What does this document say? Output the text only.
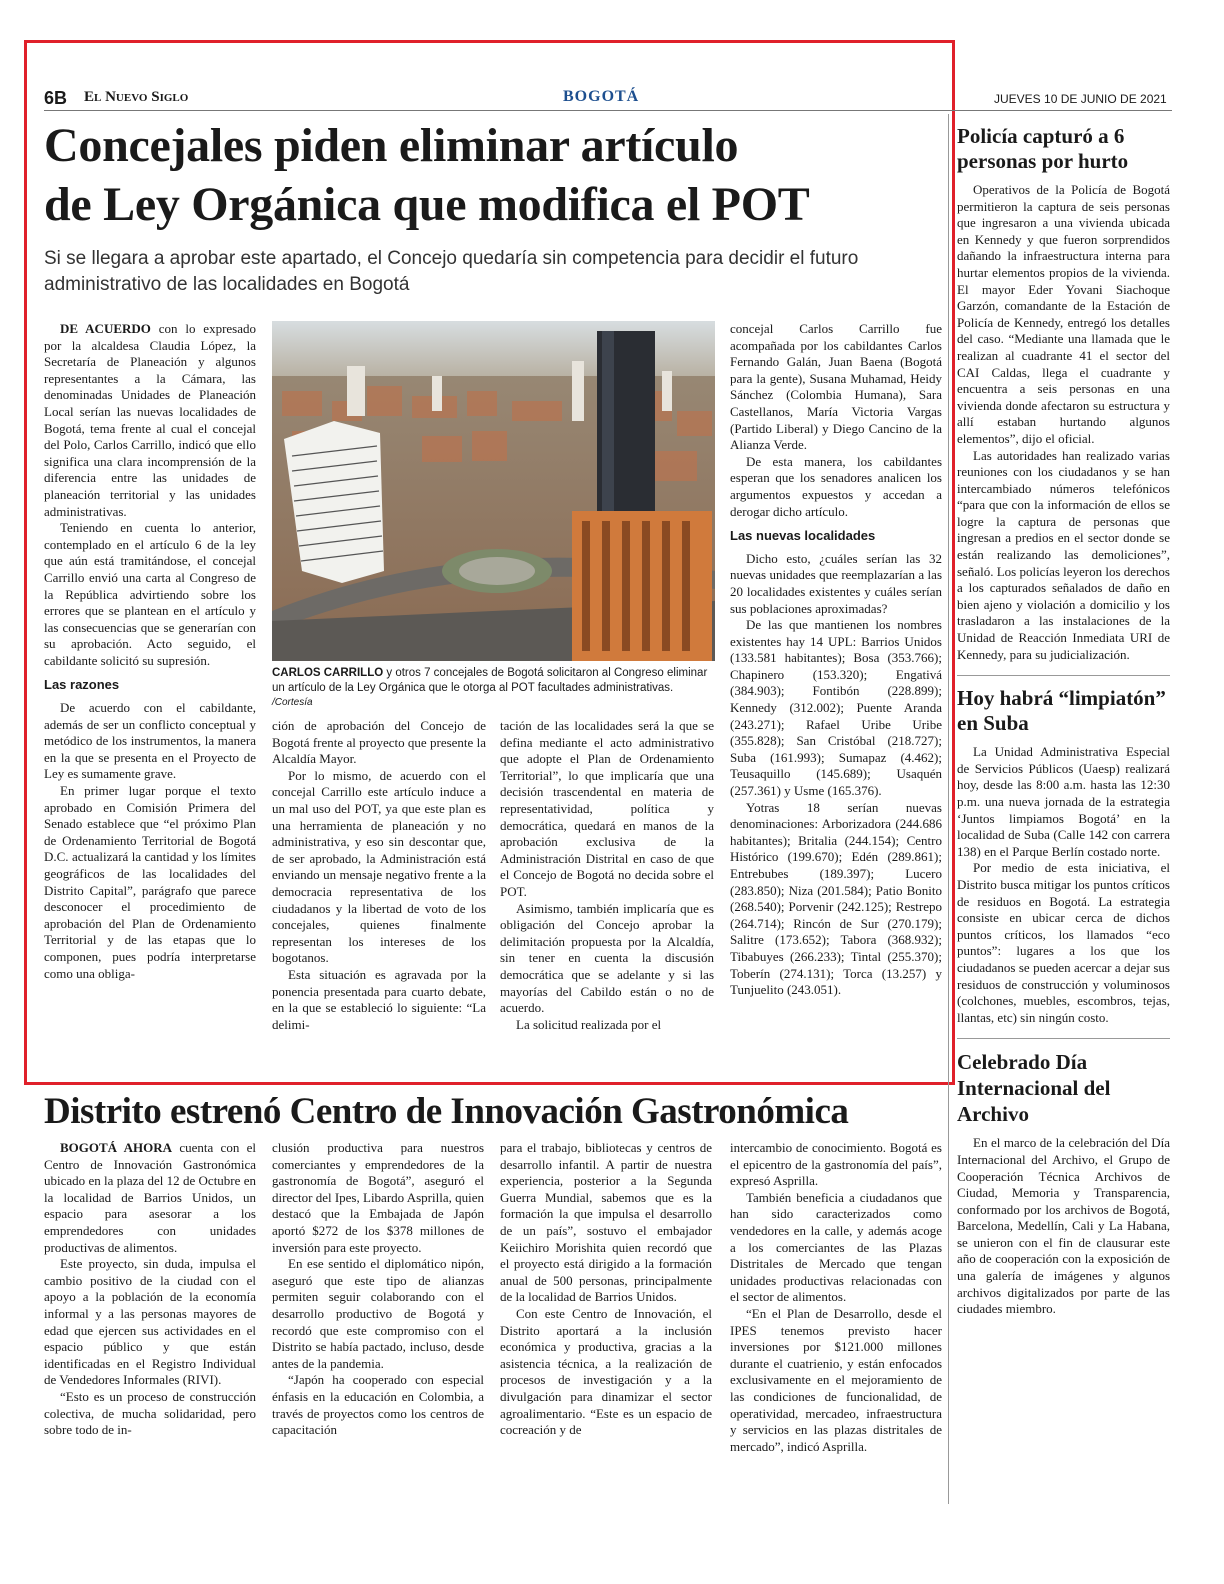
6B El Nuevo Siglo	BOGOTÁ	JUEVES 10 DE JUNIO DE 2021
Concejales piden eliminar artículo
de Ley Orgánica que modifica el POT
Si se llegara a aprobar este apartado, el Concejo quedaría sin competencia para decidir el futuro administrativo de las localidades en Bogotá

DE ACUERDO con lo expresado por la alcaldesa Claudia López, la Secretaría de Planeación y algunos representantes a la Cámara, las denominadas Unidades de Planeación Local serían las nuevas localidades de Bogotá, tema frente al cual el concejal del Polo, Carlos Carrillo, indicó que ello significa una clara incomprensión de la diferencia entre las unidades de planeación territorial y las unidades administrativas.

Teniendo en cuenta lo anterior, contemplado en el artículo 6 de la ley que aún está tramitándose, el concejal Carrillo envió una carta al Congreso de la República advirtiendo sobre los errores que se plantean en el artículo y las consecuencias que se generarían con su aprobación. Acto seguido, el cabildante solicitó su supresión.

Las razones

De acuerdo con el cabildante, además de ser un conflicto conceptual y metódico de los instrumentos, la manera en la que se presenta en el Proyecto de Ley es sumamente grave.

En primer lugar porque el texto aprobado en Comisión Primera del Senado establece que “el próximo Plan de Ordenamiento Territorial de Bogotá D.C. actualizará la cantidad y los límites geográficos de las localidades del Distrito Capital”, parágrafo que parece desconocer el procedimiento de aprobación del Plan de Ordenamiento Territorial y de las etapas que lo componen, pues podría interpretarse como una obliga-

CARLOS CARRILLO y otros 7 concejales de Bogotá solicitaron al Congreso eliminar un artículo de la Ley Orgánica que le otorga al POT facultades administrativas. /Cortesía

ción de aprobación del Concejo de Bogotá frente al proyecto que presente la Alcaldía Mayor.

Por lo mismo, de acuerdo con el concejal Carrillo este artículo induce a un mal uso del POT, ya que este plan es una herramienta de planeación y no administrativa, y eso sin descontar que, de ser aprobado, la Administración está enviando un mensaje negativo frente a la democracia representativa de los ciudadanos y la libertad de voto de los concejales, quienes finalmente representan los intereses de los bogotanos.

Esta situación es agravada por la ponencia presentada para cuarto debate, en la que se estableció lo siguiente: “La delimi-

tación de las localidades será la que se defina mediante el acto administrativo que adopte el Plan de Ordenamiento Territorial”, lo que implicaría que una decisión trascendental en materia de representatividad, política y democrática, quedará en manos de la aprobación exclusiva de la Administración Distrital en caso de que el Concejo de Bogotá no decida sobre el POT.

Asimismo, también implicaría que es obligación del Concejo aprobar la delimitación propuesta por la Alcaldía, sin tener en cuenta la discusión democrática que se adelante y si las mayorías del Cabildo están o no de acuerdo.

La solicitud realizada por el

concejal Carlos Carrillo fue acompañada por los cabildantes Carlos Fernando Galán, Juan Baena (Bogotá para la gente), Susana Muhamad, Heidy Sánchez (Colombia Humana), Sara Castellanos, María Victoria Vargas (Partido Liberal) y Diego Cancino de la Alianza Verde.

De esta manera, los cabildantes esperan que los senadores analicen los argumentos expuestos y accedan a derogar dicho artículo.

Las nuevas localidades

Dicho esto, ¿cuáles serían las 32 nuevas unidades que reemplazarían a las 20 localidades existentes y cuáles serían sus poblaciones aproximadas?

De las que mantienen los nombres existentes hay 14 UPL: Barrios Unidos (133.581 habitantes); Bosa (353.766); Chapinero (153.320); Engativá (384.903); Fontibón (228.899); Kennedy (312.002); Puente Aranda (243.271); Rafael Uribe Uribe (355.828); San Cristóbal (218.727); Suba (161.993); Sumapaz (4.462); Teusaquillo (145.689); Usaquén (257.361) y Usme (165.376).

Yotras 18 serían nuevas denominaciones: Arborizadora (244.686 habitantes); Britalia (244.154); Centro Histórico (199.670); Edén (289.861); Entrebubes (189.397); Lucero (283.850); Niza (201.584); Patio Bonito (268.540); Porvenir (242.125); Restrepo (264.714); Rincón de Sur (270.179); Salitre (173.652); Tabora (368.932); Tibabuyes (266.233); Tintal (255.370); Toberín (274.131); Torca (13.257) y Tunjuelito (243.051).

Distrito estrenó Centro de Innovación Gastronómica

BOGOTÁ AHORA cuenta con el Centro de Innovación Gastronómica ubicado en la plaza del 12 de Octubre en la localidad de Barrios Unidos, un espacio para asesorar a los emprendedores con unidades productivas de alimentos.

Este proyecto, sin duda, impulsa el cambio positivo de la ciudad con el apoyo a la población de la economía informal y a las personas mayores de edad que ejercen sus actividades en el espacio público y que están identificadas en el Registro Individual de Vendedores Informales (RIVI).

“Esto es un proceso de construcción colectiva, de mucha solidaridad, pero sobre todo de in-

clusión productiva para nuestros comerciantes y emprendedores de la gastronomía de Bogotá”, aseguró el director del Ipes, Libardo Asprilla, quien destacó que la Embajada de Japón aportó $272 de los $378 millones de inversión para este proyecto.

En ese sentido el diplomático nipón, aseguró que este tipo de alianzas permiten seguir colaborando con el desarrollo productivo de Bogotá y recordó que este compromiso con el Distrito se había pactado, incluso, desde antes de la pandemia.

“Japón ha cooperado con especial énfasis en la educación en Colombia, a través de proyectos como los centros de capacitación

para el trabajo, bibliotecas y centros de desarrollo infantil. A partir de nuestra experiencia, posterior a la Segunda Guerra Mundial, sabemos que es la formación la que impulsa el desarrollo de un país”, sostuvo el embajador Keiichiro Morishita quien recordó que el proyecto está dirigido a la formación anual de 500 personas, principalmente de la localidad de Barrios Unidos.

Con este Centro de Innovación, el Distrito aportará a la inclusión económica y productiva, gracias a la asistencia técnica, a la realización de procesos de investigación y a la divulgación para dinamizar el sector agroalimentario. “Este es un espacio de cocreación y de

intercambio de conocimiento. Bogotá es el epicentro de la gastronomía del país”, expresó Asprilla.

También beneficia a ciudadanos que han sido caracterizados como vendedores en la calle, y además acoge a los comerciantes de las Plazas Distritales de Mercado que tengan unidades productivas relacionadas con el sector de alimentos.

“En el Plan de Desarrollo, desde el IPES tenemos previsto hacer inversiones por $121.000 millones durante el cuatrienio, y están enfocados exclusivamente en el mejoramiento de las condiciones de funcionalidad, de operatividad, mercadeo, infraestructura y servicios en las plazas distritales de mercado”, indicó Asprilla.

Policía capturó a 6 personas por hurto

Operativos de la Policía de Bogotá permitieron la captura de seis personas que ingresaron a una vivienda ubicada en Kennedy y que fueron sorprendidos dañando la infraestructura interna para hurtar elementos propios de la vivienda. El mayor Eder Yovani Siachoque Garzón, comandante de la Estación de Policía de Kennedy, entregó los detalles del caso. “Mediante una llamada que le realizan al cuadrante 41 el sector del CAI Caldas, llega el cuadrante y encuentra a seis personas en una vivienda donde afectaron su estructura y allí estaban hurtando algunos elementos”, dijo el oficial.

Las autoridades han realizado varias reuniones con los ciudadanos y se han intercambiado números telefónicos “para que con la información de ellos se logre la captura de personas que ingresan a predios en el sector donde se están realizando las demoliciones”, señaló. Los policías leyeron los derechos a los capturados señalados de daño en bien ajeno y violación a domicilio y los trasladaron a las instalaciones de la Unidad de Reacción Inmediata URI de Kennedy, para su judicialización.

Hoy habrá “limpiatón” en Suba

La Unidad Administrativa Especial de Servicios Públicos (Uaesp) realizará hoy, desde las 8:00 a.m. hasta las 12:30 p.m. una nueva jornada de la estrategia ‘Juntos limpiamos Bogotá’ en la localidad de Suba (Calle 142 con carrera 138) en el Parque Berlín costado norte.

Por medio de esta iniciativa, el Distrito busca mitigar los puntos críticos de residuos en Bogotá. La estrategia consiste en ubicar cerca de dichos puntos críticos, los llamados “eco puntos”: lugares a los que los ciudadanos se pueden acercar a dejar sus residuos de construcción y voluminosos (colchones, muebles, escombros, tejas, llantas, etc) sin ningún costo.

Celebrado Día Internacional del Archivo

En el marco de la celebración del Día Internacional del Archivo, el Grupo de Cooperación Técnica Archivos de Ciudad, Memoria y Transparencia, conformado por los archivos de Bogotá, Barcelona, Medellín, Cali y La Habana, se unieron con el fin de clausurar este año de cooperación con la exposición de una galería de imágenes y algunos archivos digitalizados por parte de las ciudades miembro.
